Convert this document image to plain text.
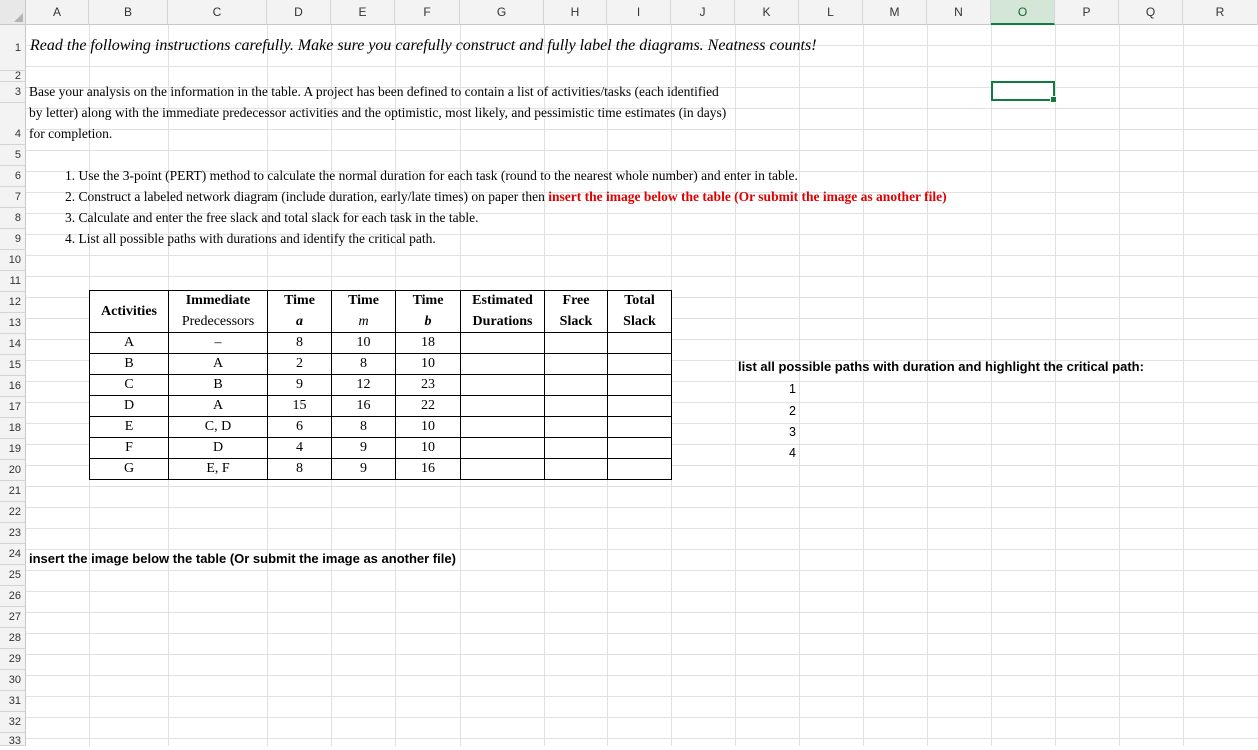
A	B	C	D	E	F	G	H	I	J	K	L	M	N	O	P	Q	R
1
2
3
4
5
6
7
8
9
10
11
12
13
14
15
16
17
18
19
20
21
22
23
24
25
26
27
28
29
30
31
32
33
Read the following instructions carefully. Make sure you carefully construct and fully label the diagrams. Neatness counts!
Base your analysis on the information in the table. A project has been defined to contain a list of activities/tasks (each identified
by letter) along with the immediate predecessor activities and the optimistic, most likely, and pessimistic time estimates (in days)
for completion.
1. Use the 3-point (PERT) method to calculate the normal duration for each task (round to the nearest whole number) and enter in table.
2. Construct a labeled network diagram (include duration, early/late times) on paper then insert the image below the table (Or submit the image as another file)
3. Calculate and enter the free slack and total slack for each task in the table.
4. List all possible paths with durations and identify the critical path.
Activities	Immediate	Time	Time	Time	Estimated	Free	Total
	Predecessors	a	m	b	Durations	Slack	Slack
A	–	8	10	18			
B	A	2	8	10			
C	B	9	12	23			
D	A	15	16	22			
E	C, D	6	8	10			
F	D	4	9	10			
G	E, F	8	9	16			
list all possible paths with duration and highlight the critical path:
1
2
3
4
insert the image below the table (Or submit the image as another file)
